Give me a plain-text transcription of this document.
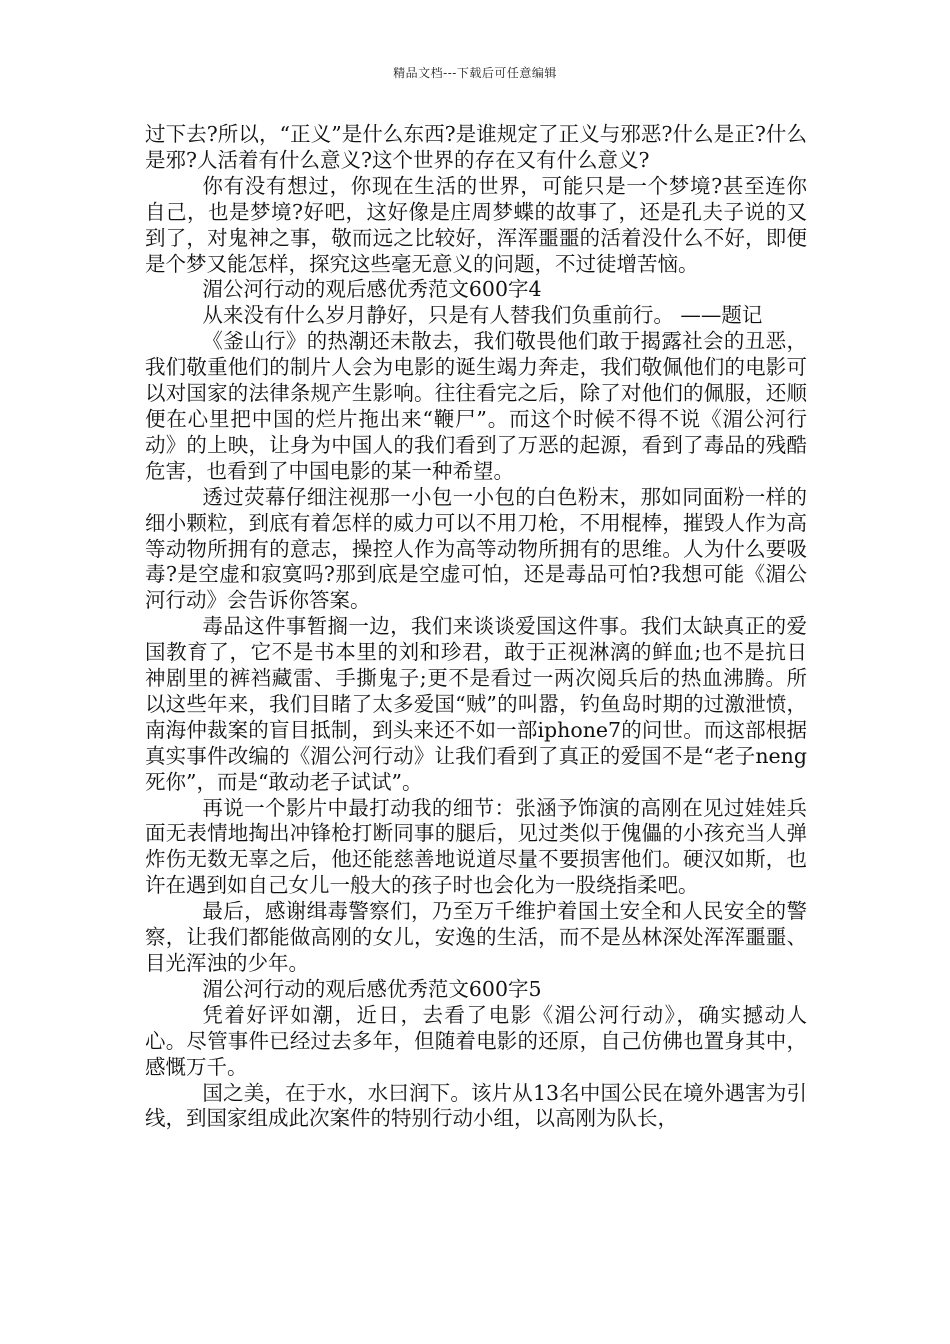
精品文档---下载后可任意编辑

过下去?所以，“正义”是什么东西?是谁规定了正义与邪恶?什么是正?什么是邪?人活着有什么意义?这个世界的存在又有什么意义?

你有没有想过，你现在生活的世界，可能只是一个梦境?甚至连你自己，也是梦境?好吧，这好像是庄周梦蝶的故事了，还是孔夫子说的又到了，对鬼神之事，敬而远之比较好，浑浑噩噩的活着没什么不好，即便是个梦又能怎样，探究这些毫无意义的问题，不过徒增苦恼。

湄公河行动的观后感优秀范文600字4

从来没有什么岁月静好，只是有人替我们负重前行。 ——题记

《釜山行》的热潮还未散去，我们敬畏他们敢于揭露社会的丑恶，我们敬重他们的制片人会为电影的诞生竭力奔走，我们敬佩他们的电影可以对国家的法律条规产生影响。往往看完之后，除了对他们的佩服，还顺便在心里把中国的烂片拖出来“鞭尸”。而这个时候不得不说《湄公河行动》的上映，让身为中国人的我们看到了万恶的起源，看到了毒品的残酷危害，也看到了中国电影的某一种希望。

透过荧幕仔细注视那一小包一小包的白色粉末，那如同面粉一样的细小颗粒，到底有着怎样的威力可以不用刀枪，不用棍棒，摧毁人作为高等动物所拥有的意志，操控人作为高等动物所拥有的思维。人为什么要吸毒?是空虚和寂寞吗?那到底是空虚可怕，还是毒品可怕?我想可能《湄公河行动》会告诉你答案。

毒品这件事暂搁一边，我们来谈谈爱国这件事。我们太缺真正的爱国教育了，它不是书本里的刘和珍君，敢于正视淋漓的鲜血;也不是抗日神剧里的裤裆藏雷、手撕鬼子;更不是看过一两次阅兵后的热血沸腾。所以这些年来，我们目睹了太多爱国“贼”的叫嚣，钓鱼岛时期的过激泄愤，南海仲裁案的盲目抵制，到头来还不如一部iphone7的问世。而这部根据真实事件改编的《湄公河行动》让我们看到了真正的爱国不是“老子neng死你”，而是“敢动老子试试”。

再说一个影片中最打动我的细节：张涵予饰演的高刚在见过娃娃兵面无表情地掏出冲锋枪打断同事的腿后，见过类似于傀儡的小孩充当人弹炸伤无数无辜之后，他还能慈善地说道尽量不要损害他们。硬汉如斯，也许在遇到如自己女儿一般大的孩子时也会化为一股绕指柔吧。

最后，感谢缉毒警察们，乃至万千维护着国土安全和人民安全的警察，让我们都能做高刚的女儿，安逸的生活，而不是丛林深处浑浑噩噩、目光浑浊的少年。

湄公河行动的观后感优秀范文600字5

凭着好评如潮，近日，去看了电影《湄公河行动》，确实撼动人心。尽管事件已经过去多年，但随着电影的还原，自己仿佛也置身其中，感慨万千。

国之美，在于水，水曰润下。该片从13名中国公民在境外遇害为引线，到国家组成此次案件的特别行动小组，以高刚为队长，
